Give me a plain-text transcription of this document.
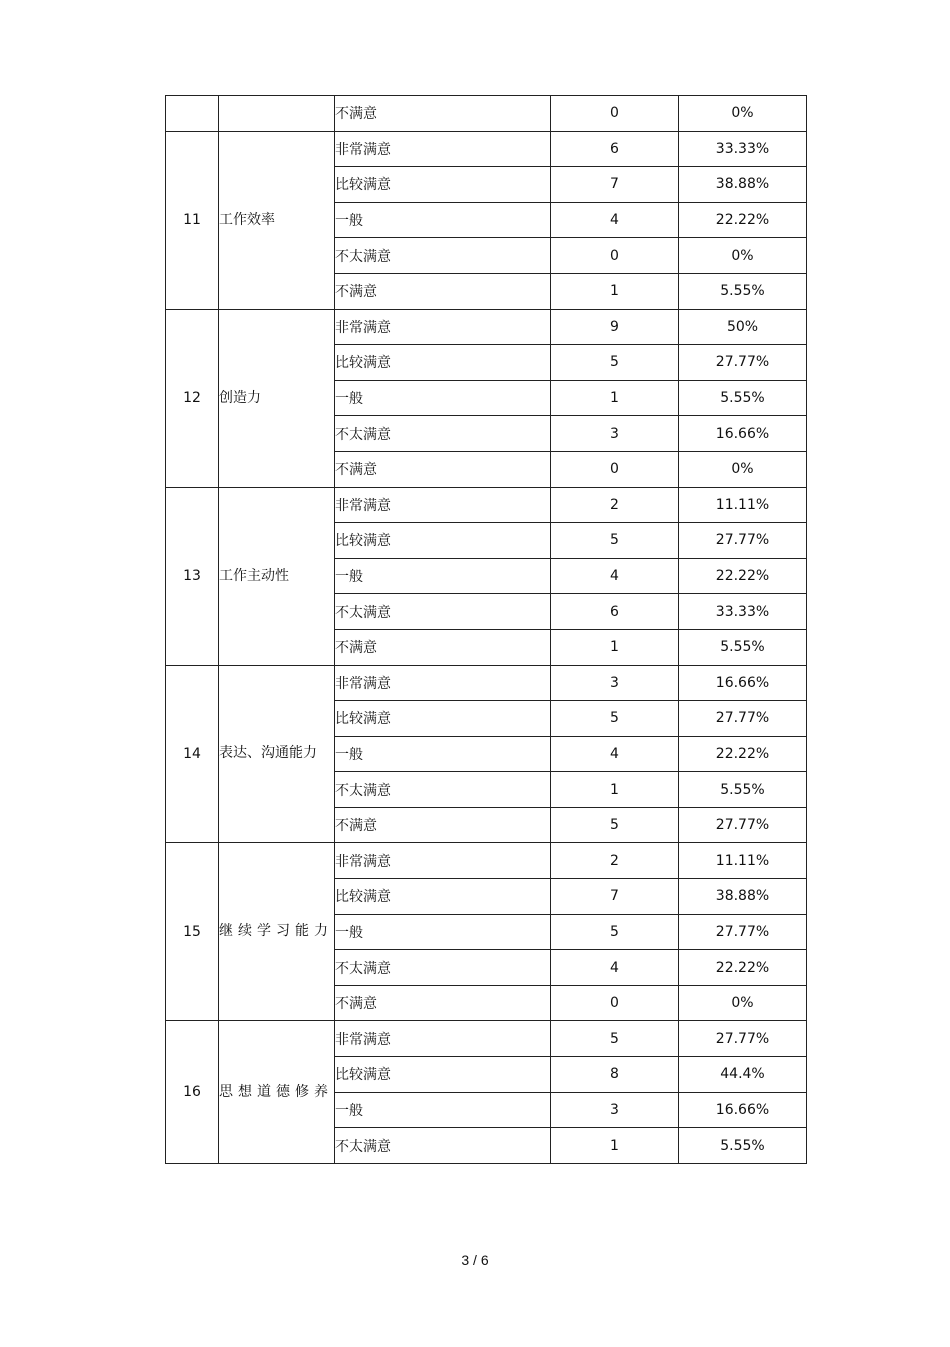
		不满意	0	0%
11	工作效率	非常满意	6	33.33%
		比较满意	7	38.88%
		一般	4	22.22%
		不太满意	0	0%
		不满意	1	5.55%
12	创造力	非常满意	9	50%
		比较满意	5	27.77%
		一般	1	5.55%
		不太满意	3	16.66%
		不满意	0	0%
13	工作主动性	非常满意	2	11.11%
		比较满意	5	27.77%
		一般	4	22.22%
		不太满意	6	33.33%
		不满意	1	5.55%
14	表达、沟通能力	非常满意	3	16.66%
		比较满意	5	27.77%
		一般	4	22.22%
		不太满意	1	5.55%
		不满意	5	27.77%
15	继续学习能力	非常满意	2	11.11%
		比较满意	7	38.88%
		一般	5	27.77%
		不太满意	4	22.22%
		不满意	0	0%
16	思想道德修养	非常满意	5	27.77%
		比较满意	8	44.4%
		一般	3	16.66%
		不太满意	1	5.55%
3 / 6
